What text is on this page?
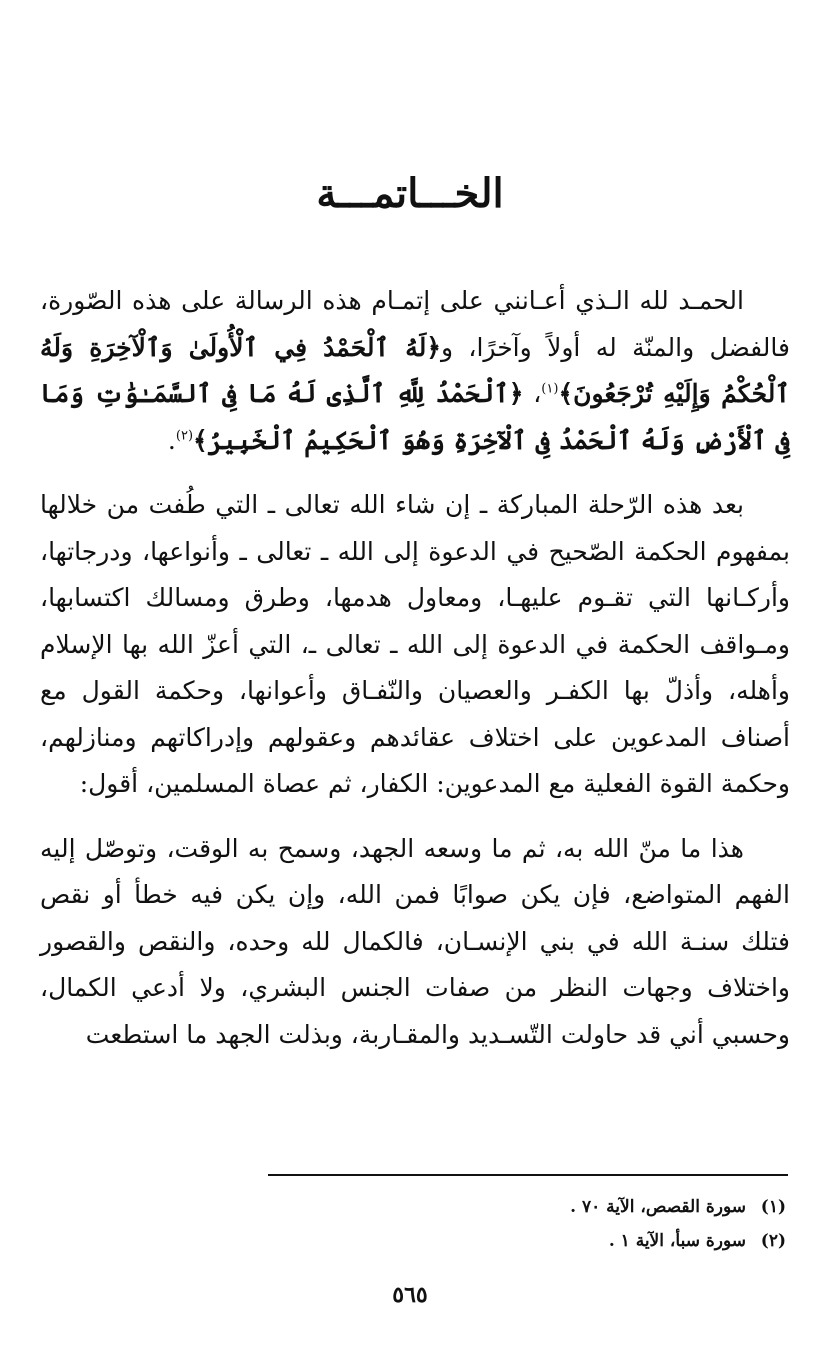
الخـــاتمـــة

الحمـد لله الـذي أعـانني على إتمـام هذه الرسالة على هذه الصّورة، فالفضل والمنّة له أولاً وآخرًا، و﴿لَهُ ٱلْحَمْدُ فِي ٱلْأُولَىٰ وَٱلْآخِرَةِ وَلَهُ ٱلْحُكْمُ وَإِلَيْهِ تُرْجَعُونَ﴾$^{(١)}$، ﴿ٱلْحَمْدُ لِلَّهِ ٱلَّذِى لَهُ مَا فِى ٱلسَّمَـٰوَٰتِ وَمَا فِى ٱلْأَرْضِ وَلَهُ ٱلْحَمْدُ فِى ٱلْآخِرَةِ وَهُوَ ٱلْحَكِيمُ ٱلْخَبِيرُ﴾$^{(٢)}$.

بعد هذه الرّحلة المباركة ـ إن شاء الله تعالى ـ التي طُفت من خلالها بمفهوم الحكمة الصّحيح في الدعوة إلى الله ـ تعالى ـ وأنواعها، ودرجاتها، وأركـانها التي تقـوم عليهـا، ومعاول هدمها، وطرق ومسالك اكتسابها، ومـواقف الحكمة في الدعوة إلى الله ـ تعالى ـ، التي أعزّ الله بها الإسلام وأهله، وأذلّ بها الكفـر والعصيان والنّفـاق وأعوانها، وحكمة القول مع أصناف المدعوين على اختلاف عقائدهم وعقولهم وإدراكاتهم ومنازلهم، وحكمة القوة الفعلية مع المدعوين: الكفار، ثم عصاة المسلمين، أقول:

هذا ما منّ الله به، ثم ما وسعه الجهد، وسمح به الوقت، وتوصّل إليه الفهم المتواضع، فإن يكن صوابًا فمن الله، وإن يكن فيه خطأ أو نقص فتلك سنـة الله في بني الإنسـان، فالكمال لله وحده، والنقص والقصور واختلاف وجهات النظر من صفات الجنس البشري، ولا أدعي الكمال، وحسبي أني قد حاولت التّسـديد والمقـاربة، وبذلت الجهد ما استطعت

(١)سورة القصص، الآية ٧٠ .
(٢)سورة سبأ، الآية ١ .
٥٦٥
